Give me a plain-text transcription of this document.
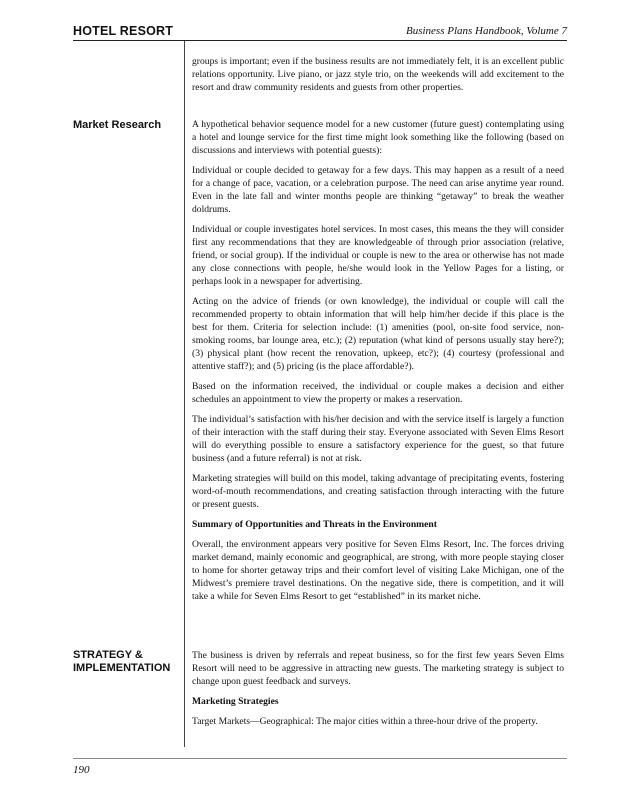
HOTEL RESORT	Business Plans Handbook, Volume 7

groups is important; even if the business results are not immediately felt, it is an excellent public relations opportunity. Live piano, or jazz style trio, on the weekends will add excitement to the resort and draw community residents and guests from other properties.

Market Research	A hypothetical behavior sequence model for a new customer (future guest) contemplating using a hotel and lounge service for the first time might look something like the following (based on discussions and interviews with potential guests):

Individual or couple decided to getaway for a few days. This may happen as a result of a need for a change of pace, vacation, or a celebration purpose. The need can arise anytime year round. Even in the late fall and winter months people are thinking “getaway” to break the weather doldrums.

Individual or couple investigates hotel services. In most cases, this means the they will consider first any recommendations that they are knowledgeable of through prior association (relative, friend, or social group). If the individual or couple is new to the area or otherwise has not made any close connections with people, he/she would look in the Yellow Pages for a listing, or perhaps look in a newspaper for advertising.

Acting on the advice of friends (or own knowledge), the individual or couple will call the recommended property to obtain information that will help him/her decide if this place is the best for them. Criteria for selection include: (1) amenities (pool, on-site food service, non-smoking rooms, bar lounge area, etc.); (2) reputation (what kind of persons usually stay here?); (3) physical plant (how recent the renovation, upkeep, etc?); (4) courtesy (professional and attentive staff?); and (5) pricing (is the place affordable?).

Based on the information received, the individual or couple makes a decision and either schedules an appointment to view the property or makes a reservation.

The individual’s satisfaction with his/her decision and with the service itself is largely a function of their interaction with the staff during their stay. Everyone associated with Seven Elms Resort will do everything possible to ensure a satisfactory experience for the guest, so that future business (and a future referral) is not at risk.

Marketing strategies will build on this model, taking advantage of precipitating events, fostering word-of-mouth recommendations, and creating satisfaction through interacting with the future or present guests.

Summary of Opportunities and Threats in the Environment

Overall, the environment appears very positive for Seven Elms Resort, Inc. The forces driving market demand, mainly economic and geographical, are strong, with more people staying closer to home for shorter getaway trips and their comfort level of visiting Lake Michigan, one of the Midwest’s premiere travel destinations. On the negative side, there is competition, and it will take a while for Seven Elms Resort to get “established” in its market niche.

STRATEGY &
IMPLEMENTATION

The business is driven by referrals and repeat business, so for the first few years Seven Elms Resort will need to be aggressive in attracting new guests. The marketing strategy is subject to change upon guest feedback and surveys.

Marketing Strategies

Target Markets—Geographical: The major cities within a three-hour drive of the property.

190
